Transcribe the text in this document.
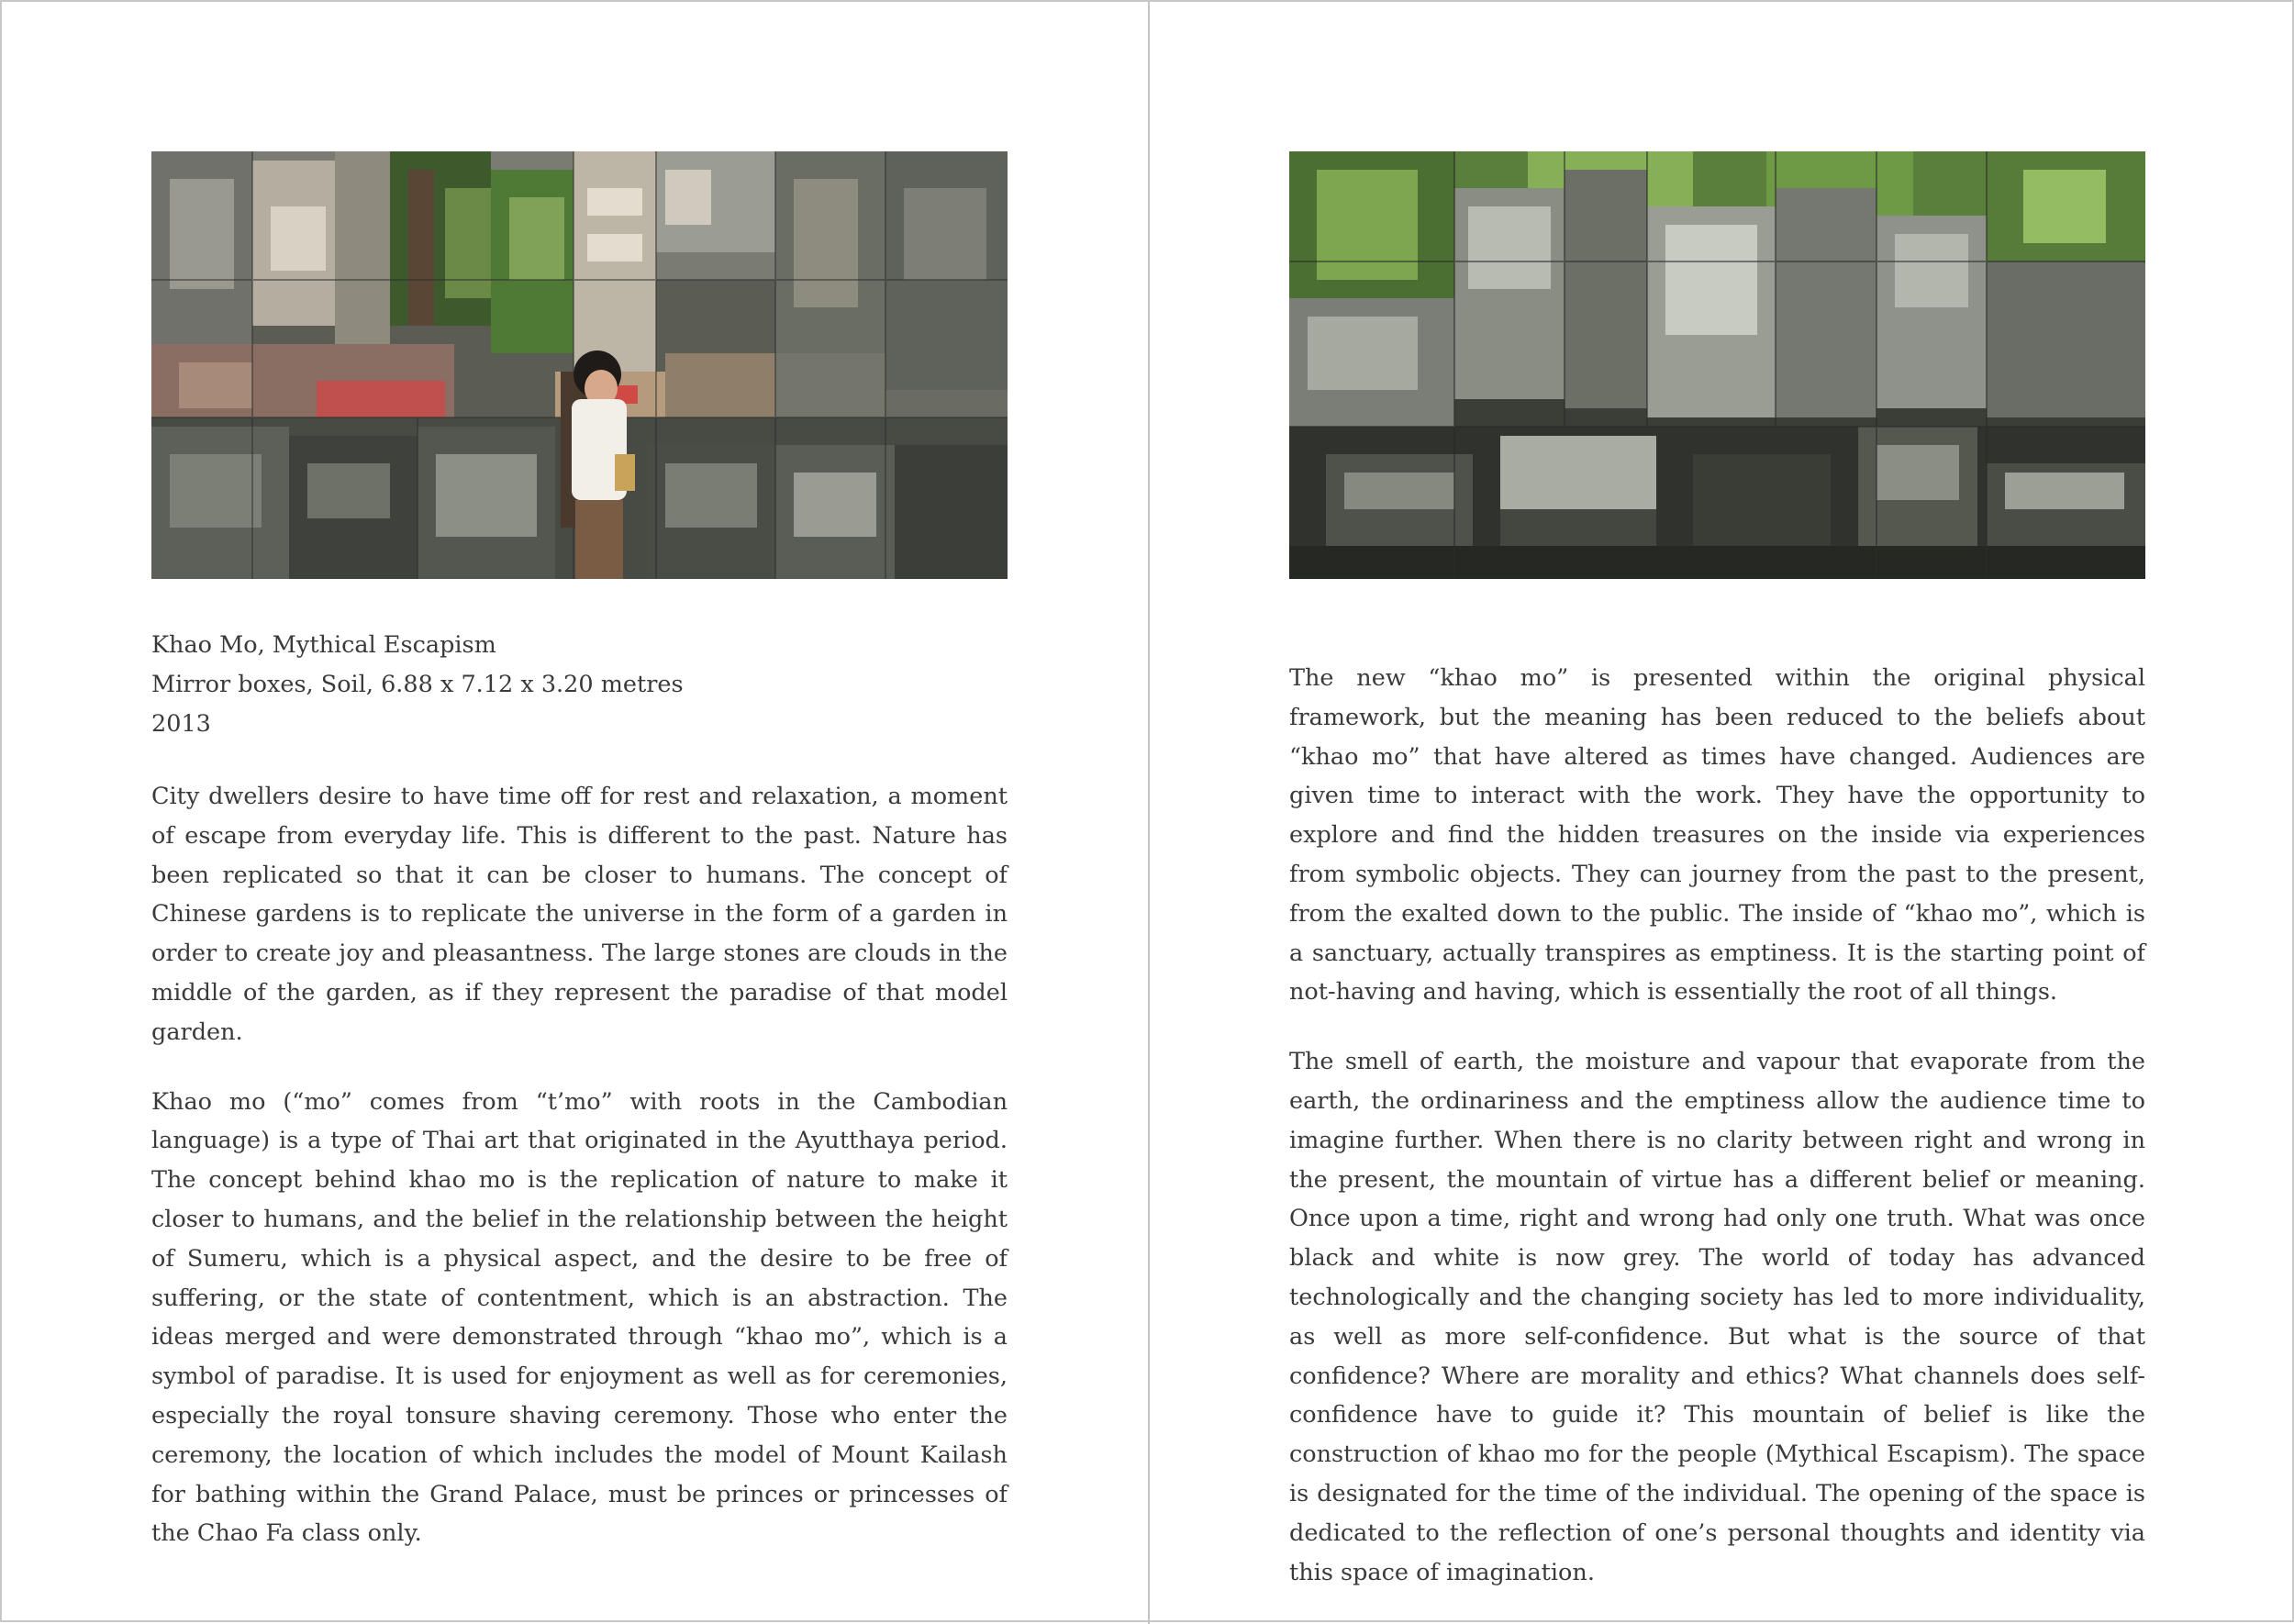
Khao Mo, Mythical Escapism
Mirror boxes, Soil, 6.88 x 7.12 x 3.20 metres
2013

City dwellers desire to have time off for rest and relaxation, a moment of escape from everyday life. This is different to the past. Nature has been replicated so that it can be closer to humans. The concept of Chinese gardens is to replicate the universe in the form of a garden in order to create joy and pleasantness. The large stones are clouds in the middle of the garden, as if they represent the paradise of that model garden.

Khao mo (“mo” comes from “t’mo” with roots in the Cambodian language) is a type of Thai art that originated in the Ayutthaya period. The concept behind khao mo is the replication of nature to make it closer to humans, and the belief in the relationship between the height of Sumeru, which is a physical aspect, and the desire to be free of suffering, or the state of contentment, which is an abstraction. The ideas merged and were demonstrated through “khao mo”, which is a symbol of paradise. It is used for enjoyment as well as for ceremonies, especially the royal tonsure shaving ceremony. Those who enter the ceremony, the location of which includes the model of Mount Kailash for bathing within the Grand Palace, must be princes or princesses of the Chao Fa class only.

The new “khao mo” is presented within the original physical framework, but the meaning has been reduced to the beliefs about “khao mo” that have altered as times have changed. Audiences are given time to interact with the work. They have the opportunity to explore and find the hidden treasures on the inside via experiences from symbolic objects. They can journey from the past to the present, from the exalted down to the public. The inside of “khao mo”, which is a sanctuary, actually transpires as emptiness. It is the starting point of not-having and having, which is essentially the root of all things.

The smell of earth, the moisture and vapour that evaporate from the earth, the ordinariness and the emptiness allow the audience time to imagine further. When there is no clarity between right and wrong in the present, the mountain of virtue has a different belief or meaning. Once upon a time, right and wrong had only one truth. What was once black and white is now grey. The world of today has advanced technologically and the changing society has led to more individuality, as well as more self-confidence. But what is the source of that confidence? Where are morality and ethics? What channels does self-confidence have to guide it? This mountain of belief is like the construction of khao mo for the people (Mythical Escapism). The space is designated for the time of the individual. The opening of the space is dedicated to the reflection of one’s personal thoughts and identity via this space of imagination.
